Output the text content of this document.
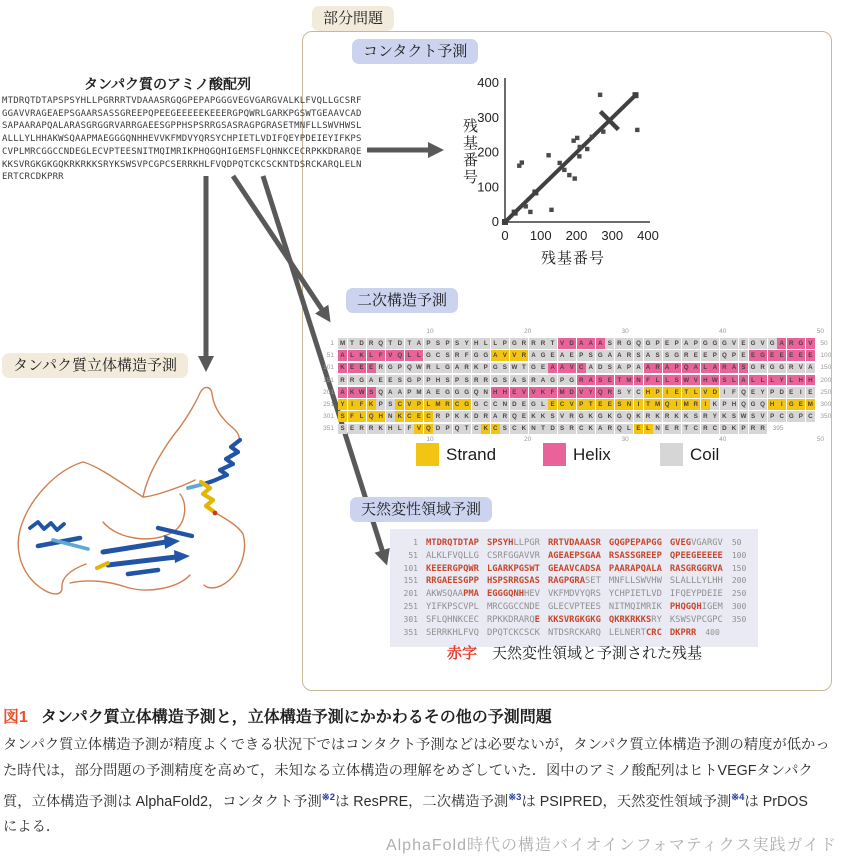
部分問題
コンタクト予測
二次構造予測
天然変性領域予測
タンパク質立体構造予測
タンパク質のアミノ酸配列
MTDRQTDTAPSPSYHLLPGRRRTVDAAASRGQGPEPAPGGGVEGVGARGVALKLFVQLLGCSRF
GGAVVRAGEAEPSGAARSASSGREEPQPEEGEEEEEKEEERGPQWRLGARKPGSWTGEAAVCAD
SAPAARAPQALARASGRGGRVARRGAEESGPPHSPSRRGSASRAGPGRASETMNFLLSWVHWSL
ALLLYLHHAKWSQAAPMAEGGGQNHHEVVKFMDVYQRSYCHPIETLVDIFQEYPDEIEYIFKPS
CVPLMRCGGCCNDEGLECVPTEESNITMQIMRIKPHQGQHIGEMSFLQHNKCECRPKKDRARQE
KKSVRGKGKGQKRKRKKSRYKSWSVPCGPCSERRKHLFVQDPQTCKCSCKNTDSRCKARQLELN
ERTCRCDKPRR
0 100 200 300 400
0
100
200
300
400
残基番号
残基番号
10	20	30	40	50
1 M T D R Q T D T A P S P S Y H L L P G R R R T V D A A A S R G Q G P E P A P G G G V E G V G A R G V	50
51	A L K L F V Q L L G C S R F G G A V V R A G E A E P S G A A R S A S S G R E E P Q P E E G E E E E E	100
101	K E E E R G P Q W R L G A R K P G S W T G E A A V C A D S A P A A R A P Q A L A R A S G R G G R V A	150
151	R R G A E E S G P P H S P S R R G S A S R A G P G R A S E T M N F L L S W V H W S L A L L L Y L H H	200
201	A K W S Q A A P M A E G G G Q N H H E V V K F M D V Y Q R S Y C H P	I	E T L V D	I	F Q E Y P D E	I	E	250
251	Y	I	F K P S C V P L M R C G G C C N D E G L E C V P T E E S N	I	T M Q	I M R	I	K P H Q G Q H	I	G E M	300
301	S F L Q H N K C E C R P K K D R A R Q E K K S V R G K G K G Q K R K R K K S R Y K S W S V P C G P C	350
351	S E R R K H L F V Q D P Q T C K C S C K N T D S R C K A R Q L E L N E R T C R C D K P R R	395
10	20	30	40	50
Strand	Helix	Coil
1 MTDRQTDTAP SPSYHLLPGR RRTVDAAASR GQGPEPAPGG GVEGVGARGV 50
51 ALKLFVQLLG CSRFGGAVVR AGEAEPSGAA RSASSGREEP QPEEGEEEEE 100
101 KEEERGPQWR LGARKPGSWT GEAAVCADSA PAARAPQALA RASGRGGRVA 150
151 RRGAEESGPP HSPSRRGSAS RAGPGRASET MNFLLSWVHW SLALLLYLHH 200
201 AKWSQAAPMA EGGGQNHHEV VKFMDVYQRS YCHPIETLVD IFQEYPDEIE 250
251 YIFKPSCVPL MRCGGCCNDE GLECVPTEES NITMQIMRIK PHQGQHIGEM 300
301 SFLQHNKCEC RPKKDRARQE KKSVRGKGKG QKRKRKKSRY KSWSVPCGPC 350
351 SERRKHLFVQ DPQTCKCSCK NTDSRCKARQ LELNERTCRC DKPRR 400
赤字 天然変性領域と予測された残基
図1 タンパク質立体構造予測と，立体構造予測にかかわるその他の予測問題
タンパク質立体構造予測が精度よくできる状況下ではコンタクト予測などは必要ないが，タンパク質立体構造予測の精度が低かっ
た時代は，部分問題の予測精度を高めて，未知なる立体構造の理解をめざしていた．図中のアミノ酸配列はヒトVEGFタンパク
質，立体構造予測は AlphaFold2，コンタクト予測$^{※2}$は ResPRE，二次構造予測$^{※3}$は PSIPRED，天然変性領域予測$^{※4}$は PrDOS
による．
AlphaFold時代の構造バイオインフォマティクス実践ガイド
